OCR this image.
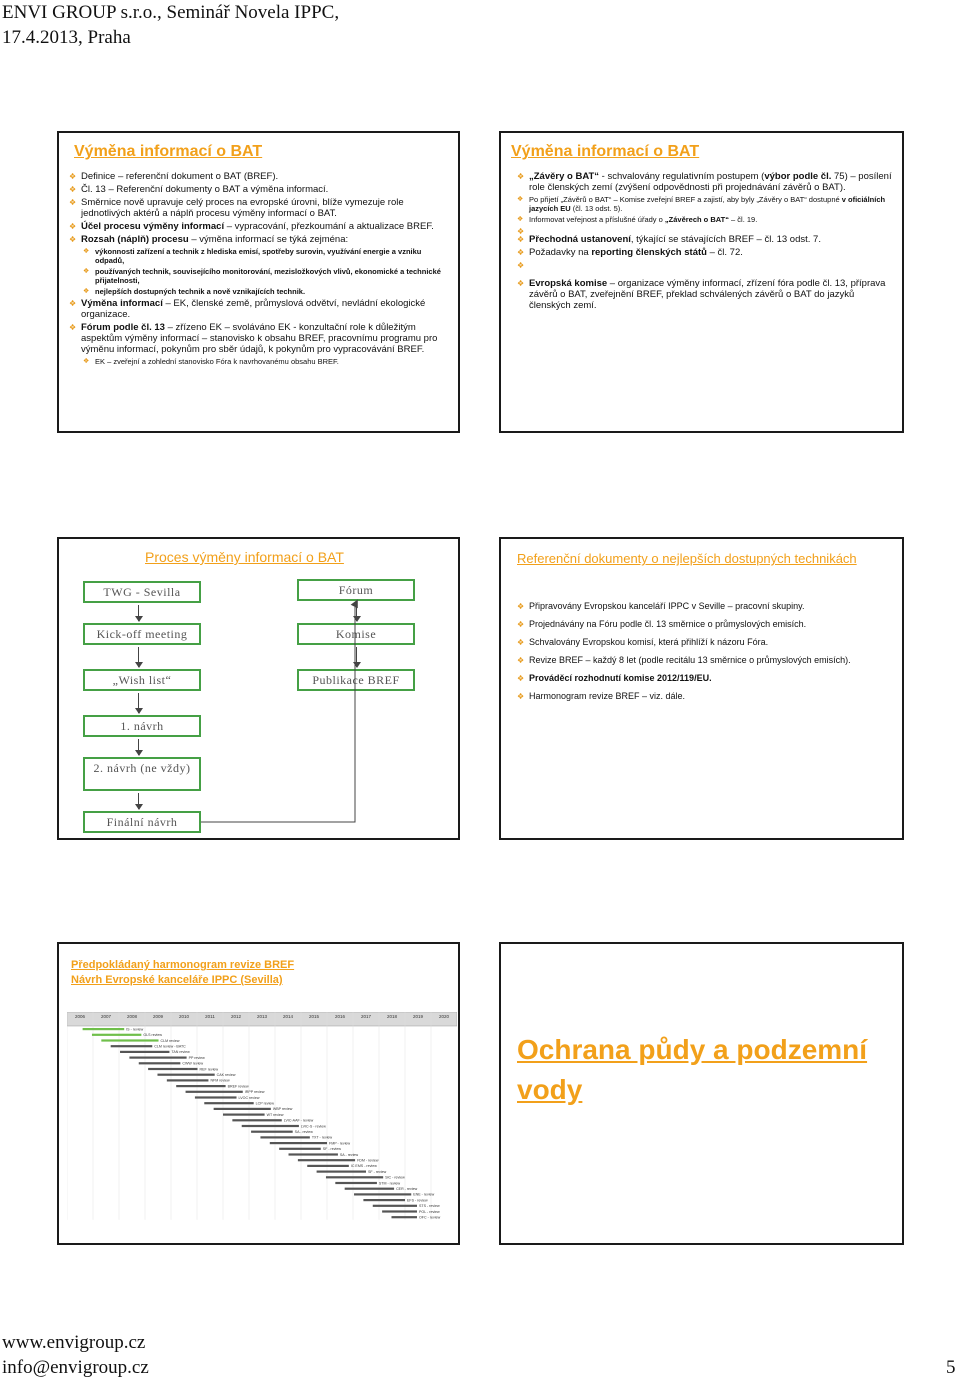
ENVI GROUP s.r.o., Seminář Novela IPPC,
17.4.2013, Praha
Výměna informací o BAT
❖ Definice – referenční dokument o BAT (BREF).
❖ Čl. 13 – Referenční dokumenty o BAT a výměna informací.
❖ Směrnice nově upravuje celý proces na evropské úrovni, blíže vymezuje role jednotlivých aktérů a náplň procesu výměny informací o BAT.
❖ Účel procesu výměny informací – vypracování, přezkoumání a aktualizace BREF.
❖ Rozsah (náplň) procesu – výměna informací se týká zejména:
❖ výkonnosti zařízení a technik z hlediska emisí, spotřeby surovin, využívání energie a vzniku odpadů,
❖ používaných technik, souvisejícího monitorování, mezisložkových vlivů, ekonomické a technické přijatelnosti,
❖ nejlepších dostupných technik a nově vznikajících technik.
❖ Výměna informací – EK, členské země, průmyslová odvětví, nevládní ekologické organizace.
❖ Fórum podle čl. 13 – zřízeno EK – svoláváno EK - konzultační role k důležitým aspektům výměny informací – stanovisko k obsahu BREF, pracovnímu programu pro výměnu informací, pokynům pro sběr údajů, k pokynům pro vypracovávání BREF.
❖ EK – zveřejní a zohlední stanovisko Fóra k navrhovanému obsahu BREF.
Výměna informací o BAT
❖ „Závěry o BAT“ - schvalovány regulativním postupem (výbor podle čl. 75) – posílení role členských zemí (zvýšení odpovědnosti při projednávání závěrů o BAT).
❖ Po přijetí „Závěrů o BAT“ – Komise zveřejní BREF a zajistí, aby byly „Závěry o BAT“ dostupné v oficiálních jazycích EU (čl. 13 odst. 5).
❖ Informovat veřejnost a příslušné úřady o „Závěrech o BAT“ – čl. 19.
❖
❖ Přechodná ustanovení, týkající se stávajících BREF – čl. 13 odst. 7.
❖ Požadavky na reporting členských států – čl. 72.
❖
❖ Evropská komise – organizace výměny informací, zřízení fóra podle čl. 13, příprava závěrů o BAT, zveřejnění BREF, překlad schválených závěrů o BAT do jazyků členských zemí.
Proces výměny informací o BAT
TWG - Sevilla
Kick-off meeting
„Wish list“
1. návrh
2. návrh (ne vždy)
Finální návrh
Fórum
Komise
Publikace BREF
Referenční dokumenty o nejlepších dostupných technikách
❖ Připravovány Evropskou kanceláří IPPC v Seville – pracovní skupiny.
❖ Projednávány na Fóru podle čl. 13 směrnice o průmyslových emisích.
❖ Schvalovány Evropskou komisí, která přihlíží k názoru Fóra.
❖ Revize BREF – každý 8 let (podle recitálu 13 směrnice o průmyslových emisích).
❖ Prováděcí rozhodnutí komise 2012/119/EU.
❖ Harmonogram revize BREF – viz. dále.
Předpokládaný harmonogram revize BREF
Návrh Evropské kanceláře IPPC (Sevilla)
2006	2007	2008	2009	2010	2011	2012	2013	2014	2015	2016	2017	2018	2019	2020
IS - review
GLS review
CLM review
CLM review - BATC
TAN review
PP review
CWW review
REF review
CAK review
NFM review
BREF review
IRPP review
LVOC review
LCP review
WBP review
WT review
LVIC-AAF - review
LVIC-S - review
SA - review
TXT - review
FMP - review
SF - review
SA - review
FDM - review
IC EMS - review
SF - review
SIC - review
STM - review
CER - review
ENE - review
EFS - review
STS - review
POL - review
OFC - review
Ochrana půdy a podzemní vody
www.envigroup.cz
info@envigroup.cz	5
